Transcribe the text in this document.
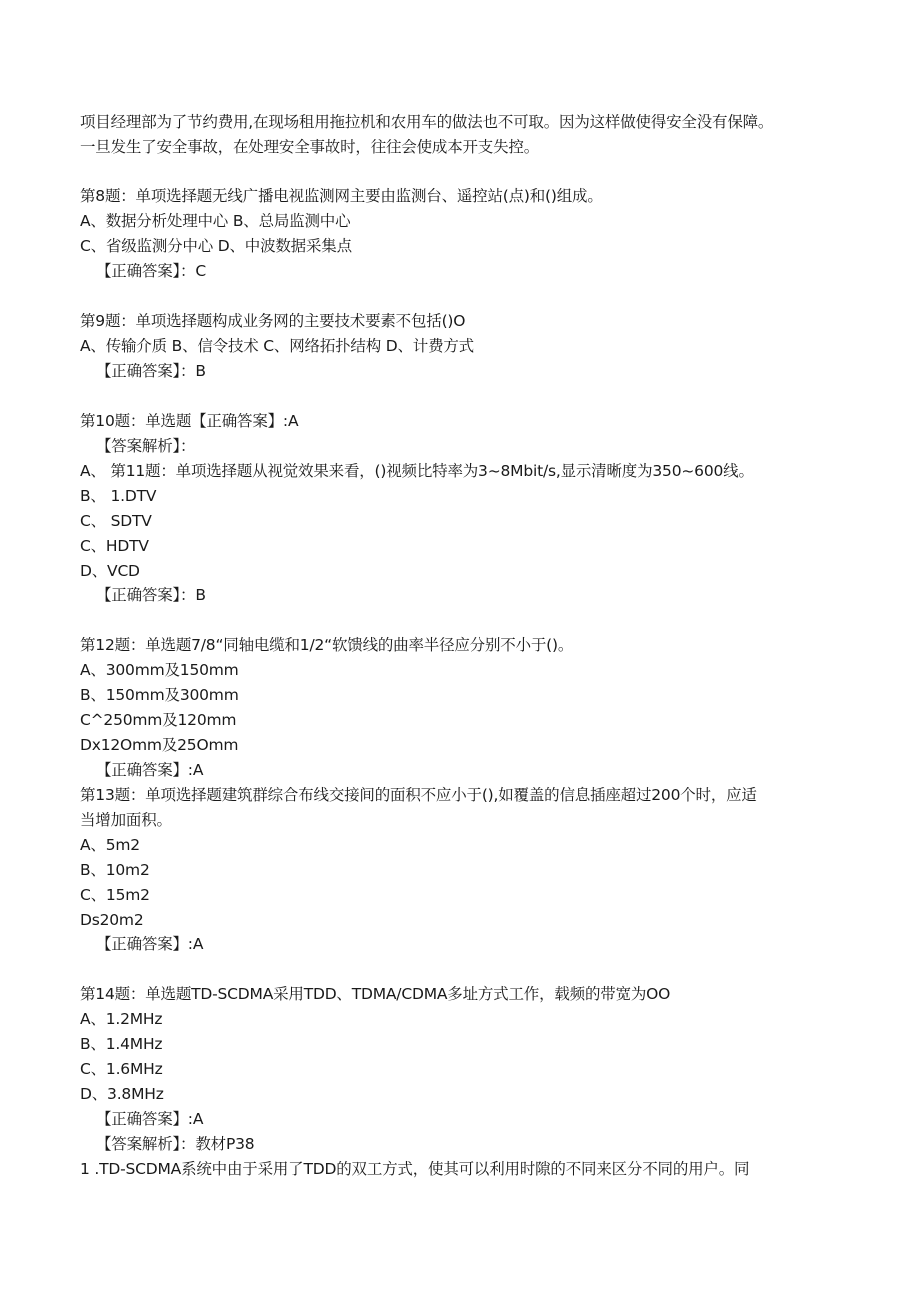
项目经理部为了节约费用,在现场租用拖拉机和农用车的做法也不可取。因为这样做使得安全没有保障。
一旦发生了安全事故，在处理安全事故时，往往会使成本开支失控。
第8题：单项选择题无线广播电视监测网主要由监测台、遥控站(点)和()组成。
A、数据分析处理中心 B、总局监测中心
C、省级监测分中心 D、中波数据采集点
【正确答案】：C
第9题：单项选择题构成业务网的主要技术要素不包括()O
A、传输介质 B、信令技术 C、网络拓扑结构 D、计费方式
【正确答案】：B
第10题：单选题【正确答案】:A
【答案解析】：
A、 第11题：单项选择题从视觉效果来看，()视频比特率为3~8Mbit∕s,显示清晰度为350~600线。
B、 1.DTV
C、 SDTV
C、HDTV
D、VCD
【正确答案】：B
第12题：单选题7/8“同轴电缆和1/2“软馈线的曲率半径应分别不小于()。
A、300mm及150mm
B、150mm及300mm
C^250mm及120mm
Dx12Omm及25Omm
【正确答案】:A
第13题：单项选择题建筑群综合布线交接间的面积不应小于(),如覆盖的信息插座超过200个时，应适
当增加面积。
A、5m2
B、10m2
C、15m2
Ds20m2
【正确答案】:A
第14题：单选题TD-SCDMA采用TDD、TDMA/CDMA多址方式工作，载频的带宽为OO
A、1.2MHz
B、1.4MHz
C、1.6MHz
D、3.8MHz
【正确答案】:A
【答案解析】：教材P38
1 .TD-SCDMA系统中由于采用了TDD的双工方式，使其可以利用时隙的不同来区分不同的用户。同
